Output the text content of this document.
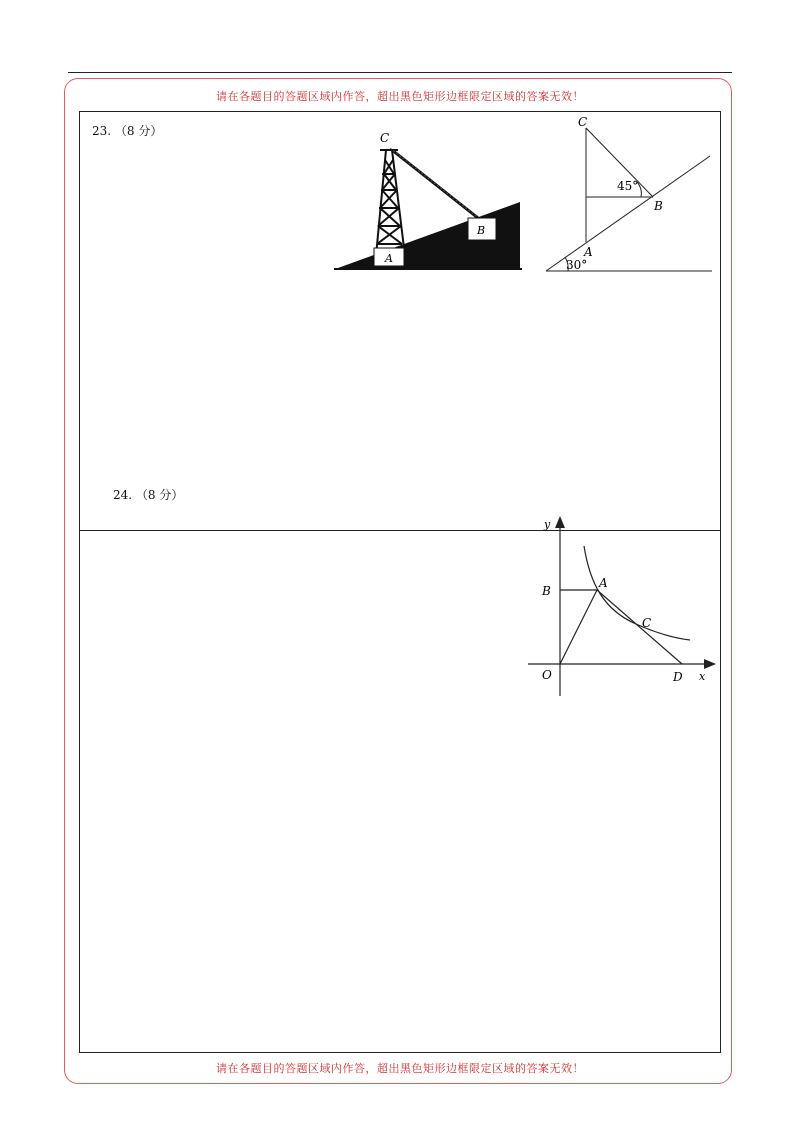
请在各题目的答题区域内作答，超出黑色矩形边框限定区域的答案无效！
23. （8 分）	C
A
B
C
B
A
45°
30°
24. （8 分）
y
x
B
A
C
O	D
请在各题目的答题区域内作答，超出黑色矩形边框限定区域的答案无效！
